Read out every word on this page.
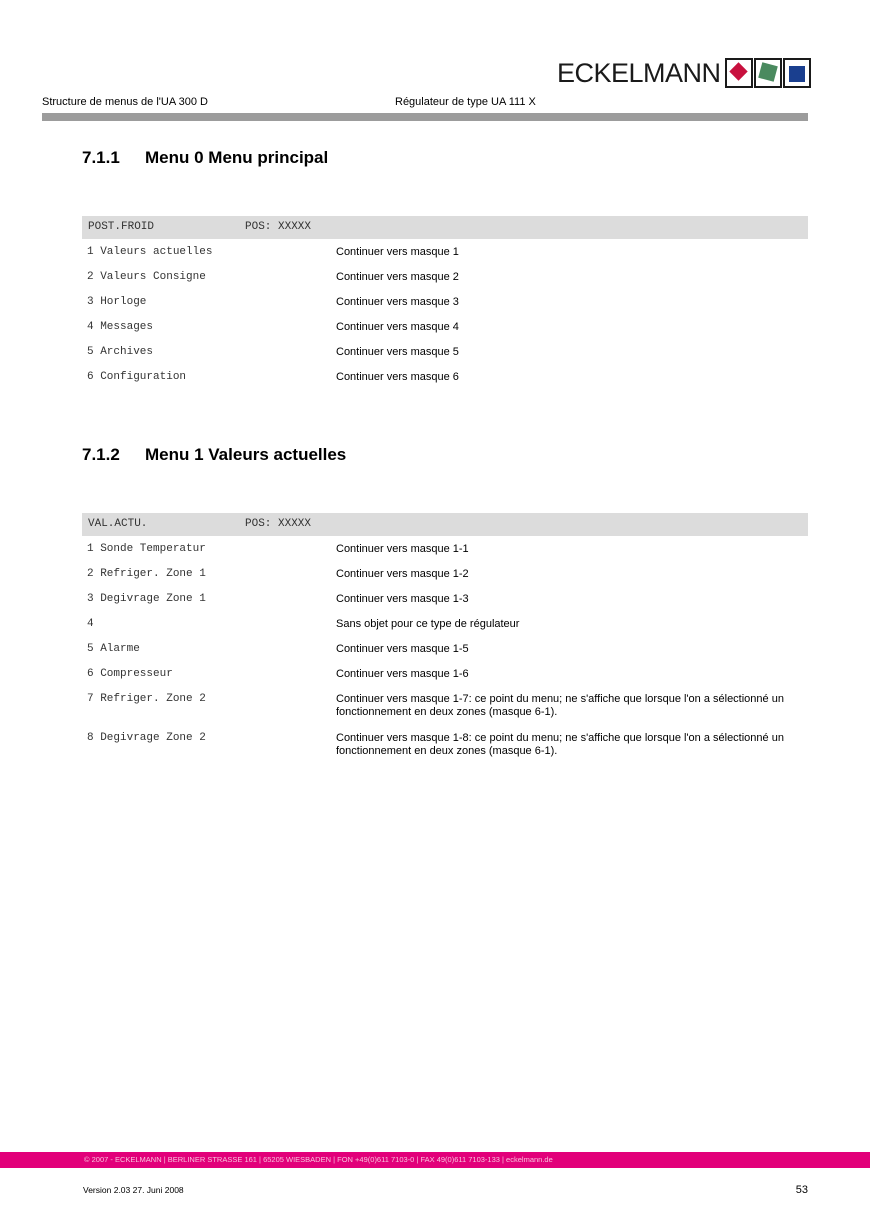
ECKELMANN
Structure de menus de l'UA 300 D	Régulateur de type UA 111 X
7.1.1 Menu 0 Menu principal
POST.FROID	POS: XXXXX
1 Valeurs actuelles	Continuer vers masque 1
2 Valeurs Consigne	Continuer vers masque 2
3 Horloge	Continuer vers masque 3
4 Messages	Continuer vers masque 4
5 Archives	Continuer vers masque 5
6 Configuration	Continuer vers masque 6
7.1.2 Menu 1 Valeurs actuelles
VAL.ACTU.	POS: XXXXX
1 Sonde Temperatur	Continuer vers masque 1-1
2 Refriger. Zone 1	Continuer vers masque 1-2
3 Degivrage Zone 1	Continuer vers masque 1-3
4	Sans objet pour ce type de régulateur
5 Alarme	Continuer vers masque 1-5
6 Compresseur	Continuer vers masque 1-6
7 Refriger. Zone 2	Continuer vers masque 1-7: ce point du menu; ne s'affiche que lorsque l'on a sélectionné un fonctionnement en deux zones (masque 6-1).
8 Degivrage Zone 2	Continuer vers masque 1-8: ce point du menu; ne s'affiche que lorsque l'on a sélectionné un fonctionnement en deux zones (masque 6-1).
© 2007 - ECKELMANN | BERLINER STRASSE 161 | 65205 WIESBADEN | FON +49(0)611 7103-0 | FAX 49(0)611 7103-133 | eckelmann.de
Version 2.03 27. Juni 2008	53
